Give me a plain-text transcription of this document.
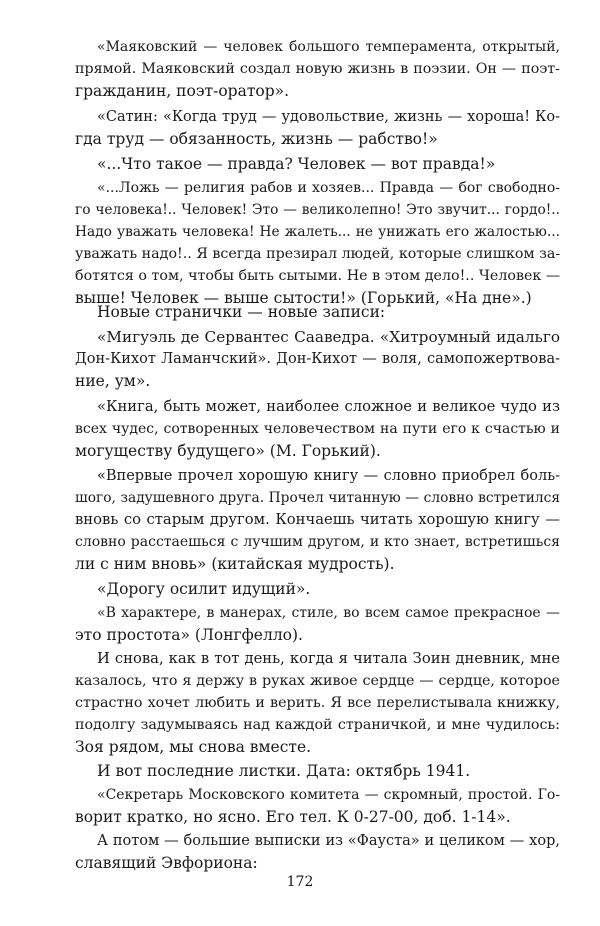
«Маяковский — человек большого темперамента, открытый,
прямой. Маяковский создал новую жизнь в поэзии. Он — поэт-
гражданин, поэт-оратор».
«Сатин: «Когда труд — удовольствие, жизнь — хороша! Ко-
гда труд — обязанность, жизнь — рабство!»
«...Что такое — правда? Человек — вот правда!»
«...Ложь — религия рабов и хозяев... Правда — бог свободно-
го человека!.. Человек! Это — великолепно! Это звучит... гордо!..
Надо уважать человека! Не жалеть... не унижать его жалостью...
уважать надо!.. Я всегда презирал людей, которые слишком за-
ботятся о том, чтобы быть сытыми. Не в этом дело!.. Человек —
выше! Человек — выше сытости!» (Горький, «На дне».)
Новые странички — новые записи:
«Мигуэль де Сервантес Сааведра. «Хитроумный идальго
Дон-Кихот Ламанчский». Дон-Кихот — воля, самопожертвова-
ние, ум».
«Книга, быть может, наиболее сложное и великое чудо из
всех чудес, сотворенных человечеством на пути его к счастью и
могуществу будущего» (М. Горький).
«Впервые прочел хорошую книгу — словно приобрел боль-
шого, задушевного друга. Прочел читанную — словно встретился
вновь со старым другом. Кончаешь читать хорошую книгу —
словно расстаешься с лучшим другом, и кто знает, встретишься
ли с ним вновь» (китайская мудрость).
«Дорогу осилит идущий».
«В характере, в манерах, стиле, во всем самое прекрасное —
это простота» (Лонгфелло).
И снова, как в тот день, когда я читала Зоин дневник, мне
казалось, что я держу в руках живое сердце — сердце, которое
страстно хочет любить и верить. Я все перелистывала книжку,
подолгу задумываясь над каждой страничкой, и мне чудилось:
Зоя рядом, мы снова вместе.
И вот последние листки. Дата: октябрь 1941.
«Секретарь Московского комитета — скромный, простой. Го-
ворит кратко, но ясно. Его тел. К 0-27-00, доб. 1-14».
А потом — большие выписки из «Фауста» и целиком — хор,
славящий Эвфориона:
172
